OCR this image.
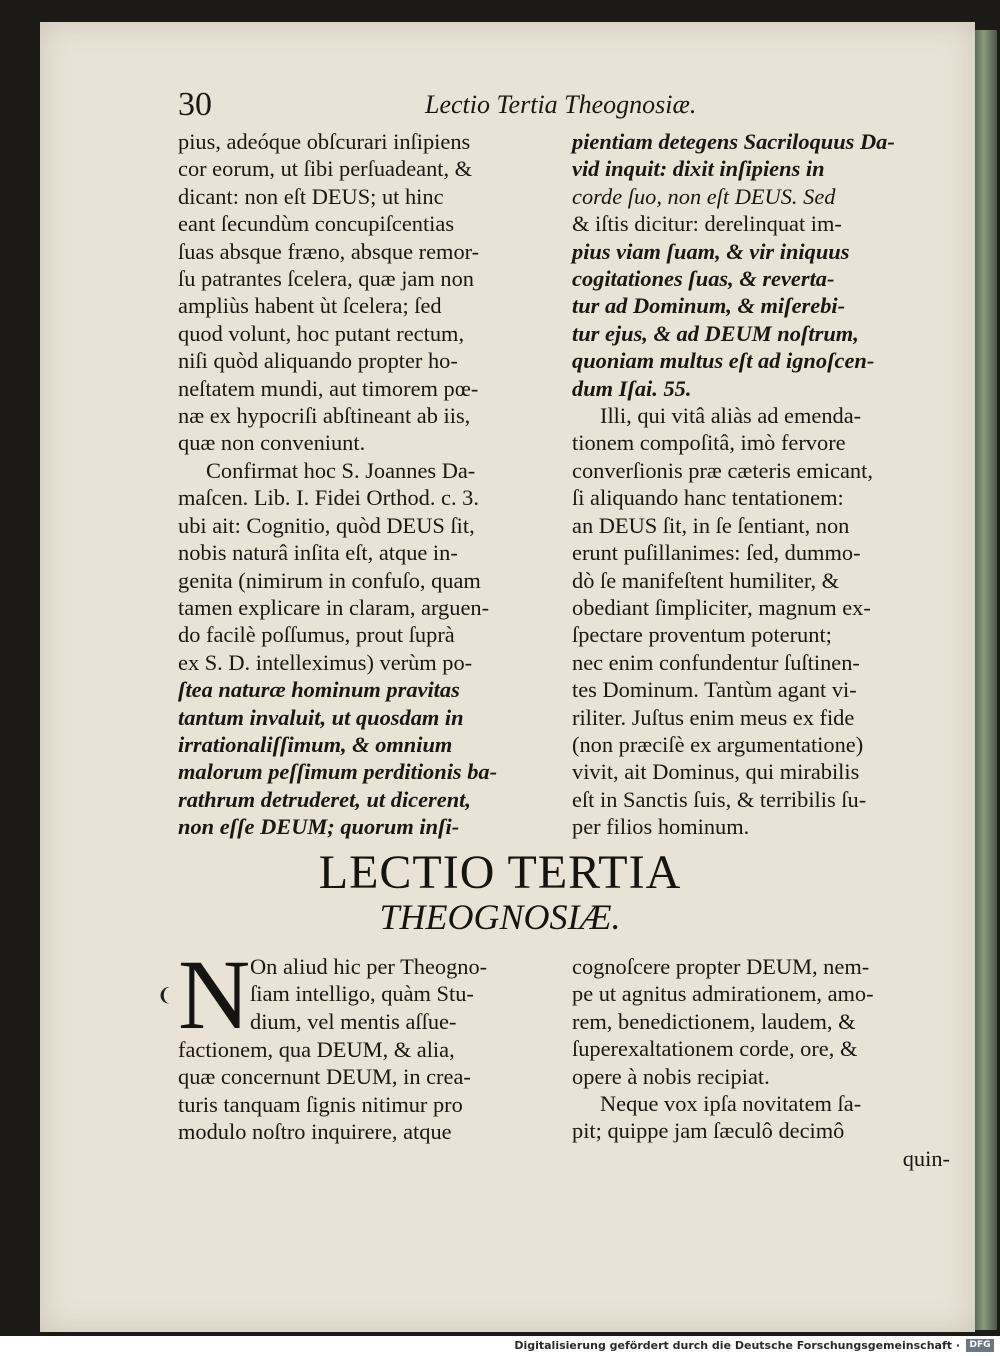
30	Lectio Tertia Theognosiæ.
pius, adeóque obſcurari inſipiens
cor eorum, ut ſibi perſuadeant, &
dicant: non eſt DEUS; ut hinc
eant ſecundùm concupiſcentias
ſuas absque fræno, absque remor-
ſu patrantes ſcelera, quæ jam non
ampliùs habent ùt ſcelera; ſed
quod volunt, hoc putant rectum,
niſi quòd aliquando propter ho-
neſtatem mundi, aut timorem pœ-
næ ex hypocriſi abſtineant ab iis,
quæ non conveniunt.
Confirmat hoc S. Joannes Da-
maſcen. Lib. I. Fidei Orthod. c. 3.
ubi ait: Cognitio, quòd DEUS ſit,
nobis naturâ inſita eſt, atque in-
genita (nimirum in confuſo, quam
tamen explicare in claram, arguen-
do facilè poſſumus, prout ſuprà
ex S. D. intelleximus) verùm po-
ſtea naturæ hominum pravitas
tantum invaluit, ut quosdam in
irrationaliſſimum, & omnium
malorum peſſimum perditionis ba-
rathrum detruderet, ut dicerent,
non eſſe DEUM; quorum inſi-
pientiam detegens Sacriloquus Da-
vid inquit: dixit inſipiens in
corde ſuo, non eſt DEUS. Sed
& iſtis dicitur: derelinquat im-
pius viam ſuam, & vir iniquus
cogitationes ſuas, & reverta-
tur ad Dominum, & miſerebi-
tur ejus, & ad DEUM noſtrum,
quoniam multus eſt ad ignoſcen-
dum Iſai. 55.
Illi, qui vitâ aliàs ad emenda-
tionem compoſitâ, imò fervore
converſionis præ cæteris emicant,
ſi aliquando hanc tentationem:
an DEUS ſit, in ſe ſentiant, non
erunt puſillanimes: ſed, dummo-
dò ſe manifeſtent humiliter, &
obediant ſimpliciter, magnum ex-
ſpectare proventum poterunt;
nec enim confundentur ſuſtinen-
tes Dominum. Tantùm agant vi-
riliter. Juſtus enim meus ex fide
(non præciſè ex argumentatione)
vivit, ait Dominus, qui mirabilis
eſt in Sanctis ſuis, & terribilis ſu-
per filios hominum.
LECTIO TERTIA
THEOGNOSIÆ.
❨ N On aliud hic per Theogno-
ſiam intelligo, quàm Stu-
dium, vel mentis aſſue-
factionem, qua DEUM, & alia,
quæ concernunt DEUM, in crea-
turis tanquam ſignis nitimur pro
modulo noſtro inquirere, atque
cognoſcere propter DEUM, nem-
pe ut agnitus admirationem, amo-
rem, benedictionem, laudem, &
ſuperexaltationem corde, ore, &
opere à nobis recipiat.
Neque vox ipſa novitatem ſa-
pit; quippe jam ſæculô decimô
quin-
Digitalisierung gefördert durch die Deutsche Forschungsgemeinschaft ·	DFG
